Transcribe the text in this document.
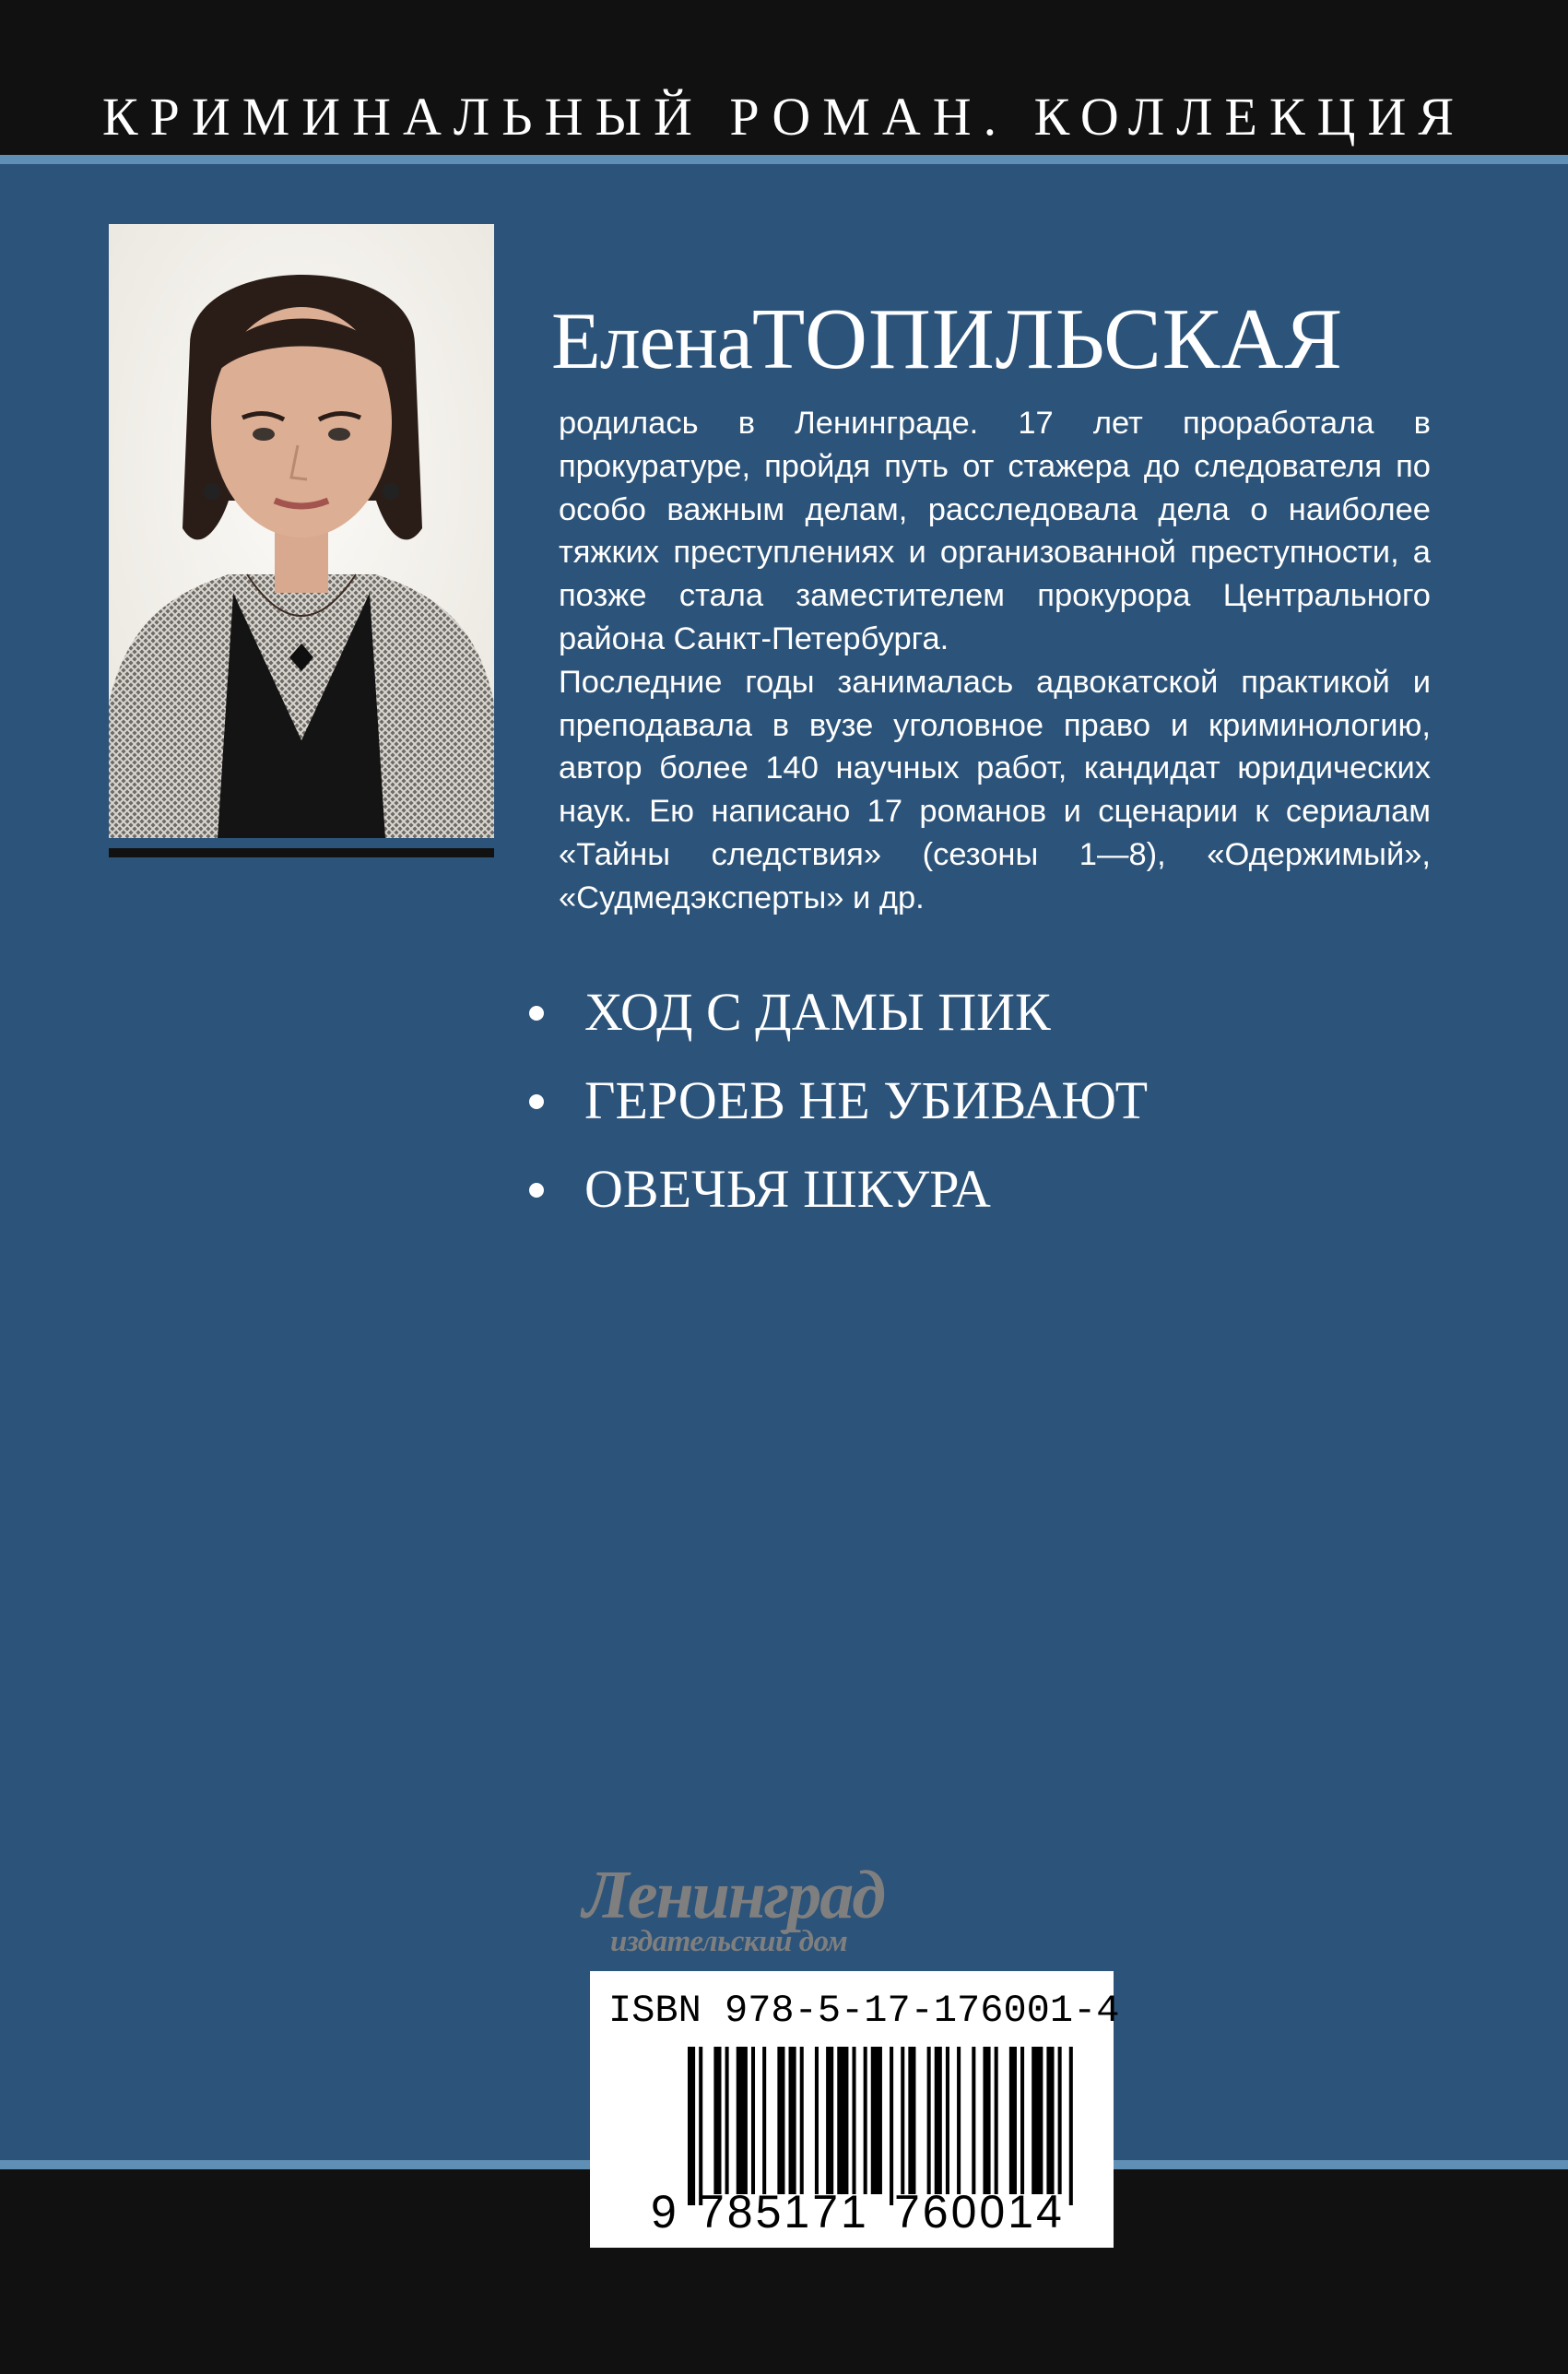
КРИМИНАЛЬНЫЙ РОМАН. КОЛЛЕКЦИЯ
ЕленаТОПИЛЬСКАЯ

родилась в Ленинграде. 17 лет проработала в прокуратуре, пройдя путь от стажера до следователя по особо важным делам, расследовала дела о наиболее тяжких преступлениях и организованной преступности, а позже стала заместителем прокурора Центрального района Санкт-Петербурга.

Последние годы занималась адвокатской практикой и преподавала в вузе уголовное право и криминологию, автор более 140 научных работ, кандидат юридических наук. Ею написано 17 романов и сценарии к сериалам «Тайны следствия» (сезоны 1—8), «Одержимый», «Судмедэксперты» и др.

ХОД С ДАМЫ ПИК
ГЕРОЕВ НЕ УБИВАЮТ
ОВЕЧЬЯ ШКУРА
Ленинград
издательский дом
ISBN 978-5-17-176001-4
9 785171 760014
